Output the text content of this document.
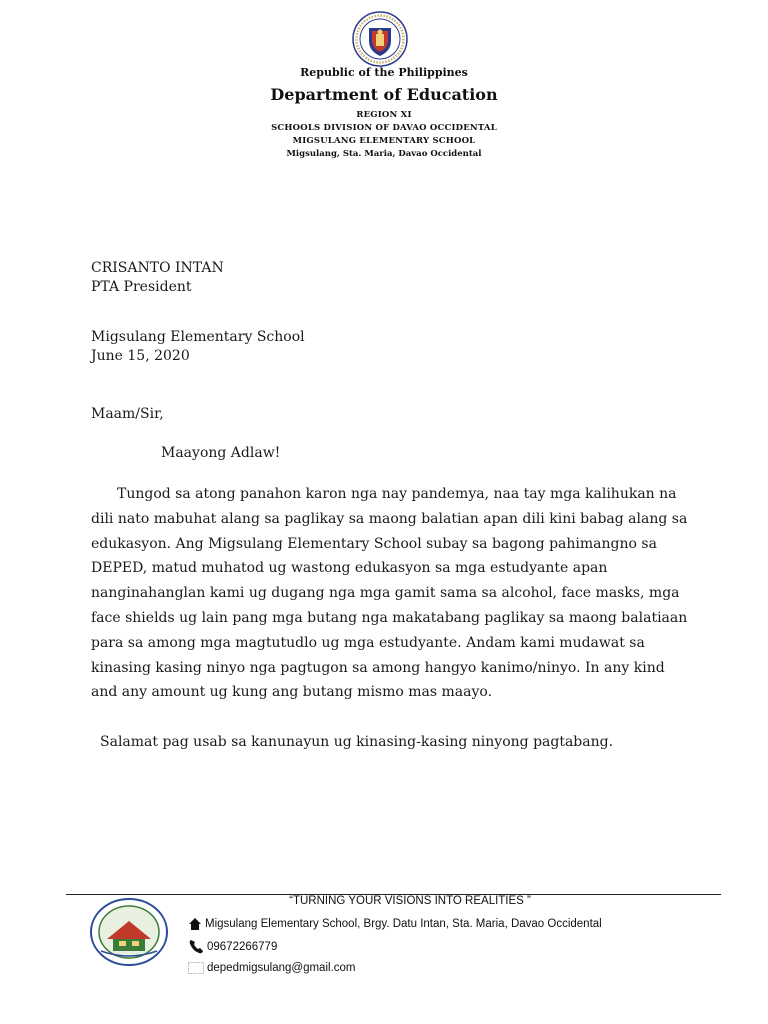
Republic of the Philippines
Department of Education
REGION XI
SCHOOLS DIVISION OF DAVAO OCCIDENTAL
MIGSULANG ELEMENTARY SCHOOL
Migsulang, Sta. Maria, Davao Occidental
CRISANTO INTAN
PTA President
Migsulang Elementary School
June 15, 2020
Maam/Sir,
Maayong Adlaw!
Tungod sa atong panahon karon nga nay pandemya, naa tay mga kalihukan na dili nato mabuhat alang sa paglikay sa maong balatian apan dili kini babag alang sa edukasyon. Ang Migsulang Elementary School subay sa bagong pahimangno sa DEPED, matud muhatod ug wastong edukasyon sa mga estudyante apan nanginahanglan kami ug dugang nga mga gamit sama sa alcohol, face masks, mga face shields ug lain pang mga butang nga makatabang paglikay sa maong balatiaan para sa among mga magtutudlo ug mga estudyante. Andam kami mudawat sa kinasing kasing ninyo nga pagtugon sa among hangyo kanimo/ninyo. In any kind and any amount ug kung ang butang mismo mas maayo.
Salamat pag usab sa kanunayun ug kinasing-kasing ninyong pagtabang.
“TURNING YOUR VISIONS INTO REALITIES ”
Migsulang Elementary School, Brgy. Datu Intan, Sta. Maria, Davao Occidental
09672266779
depedmigsulang@gmail.com
